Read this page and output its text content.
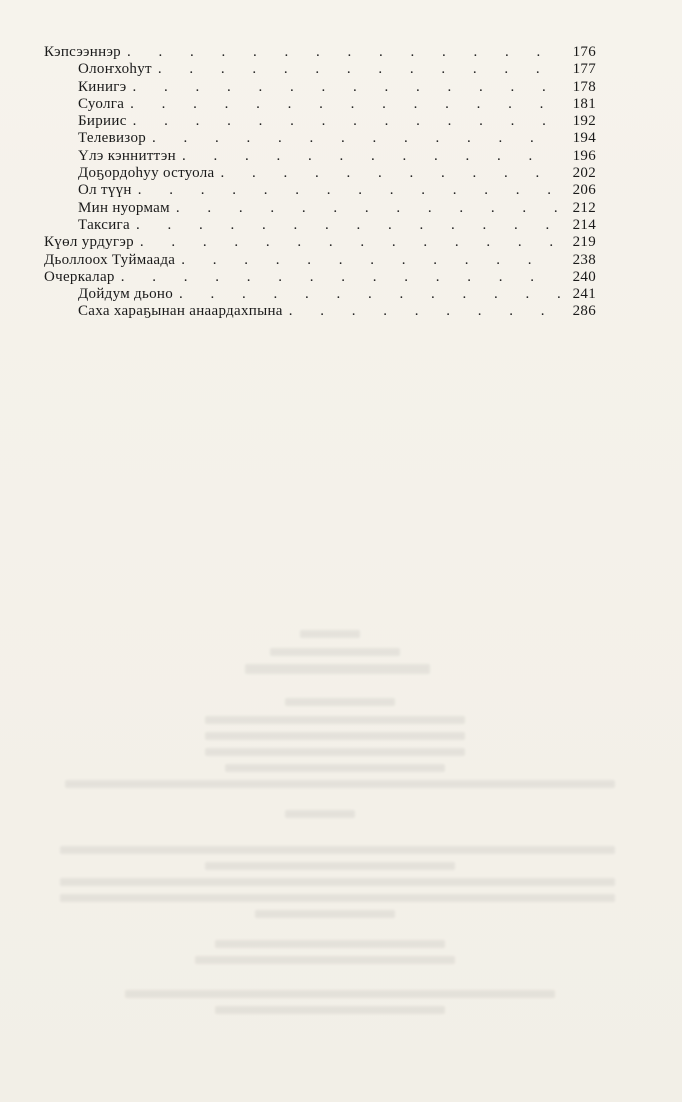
Кэпсээннэр . . .	176
Олоҥхоһут . . .	177
Кинигэ . . .	178
Суолга . . .	181
Бириис . . .	192
Телевизор . . .	194
Үлэ кэнниттэн . . .	196
Доҕордоһуу остуола . . .	202
Ол түүн . . .	206
Мин нуормам . . .	212
Таксига . . .	214
Күөл урдугэр . . .	219
Дьоллоох Туймаада . . .	238
Очеркалар . . .	240
Дойдум дьоно . . .	241
Саха хараҕынан анаардахпына . . .	286
